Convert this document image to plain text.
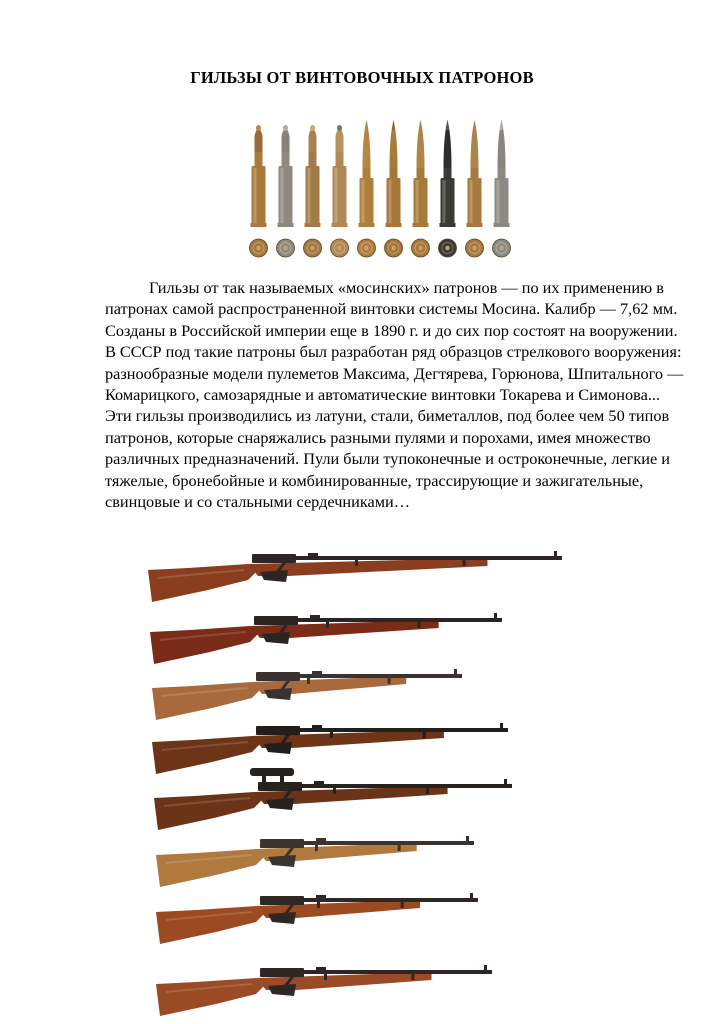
ГИЛЬЗЫ ОТ ВИНТОВОЧНЫХ ПАТРОНОВ

Гильзы от так называемых «мосинских» патронов — по их применению в патронах самой распространенной винтовки системы Мосина. Калибр — 7,62 мм. Созданы в Российской империи еще в 1890 г. и до сих пор состоят на вооружении. В СССР под такие патроны был разработан ряд образцов стрелкового вооружения: разнообразные модели пулеметов Максима, Дегтярева, Горюнова, Шпитального — Комарицкого, самозарядные и автоматические винтовки Токарева и Симонова... Эти гильзы производились из латуни, стали, биметаллов, под более чем 50 типов патронов, которые снаряжались разными пулями и порохами, имея множество различных предназначений. Пули были тупоконечные и остроконечные, легкие и тяжелые, бронебойные и комбинированные, трассирующие и зажигательные, свинцовые и со стальными сердечниками…
